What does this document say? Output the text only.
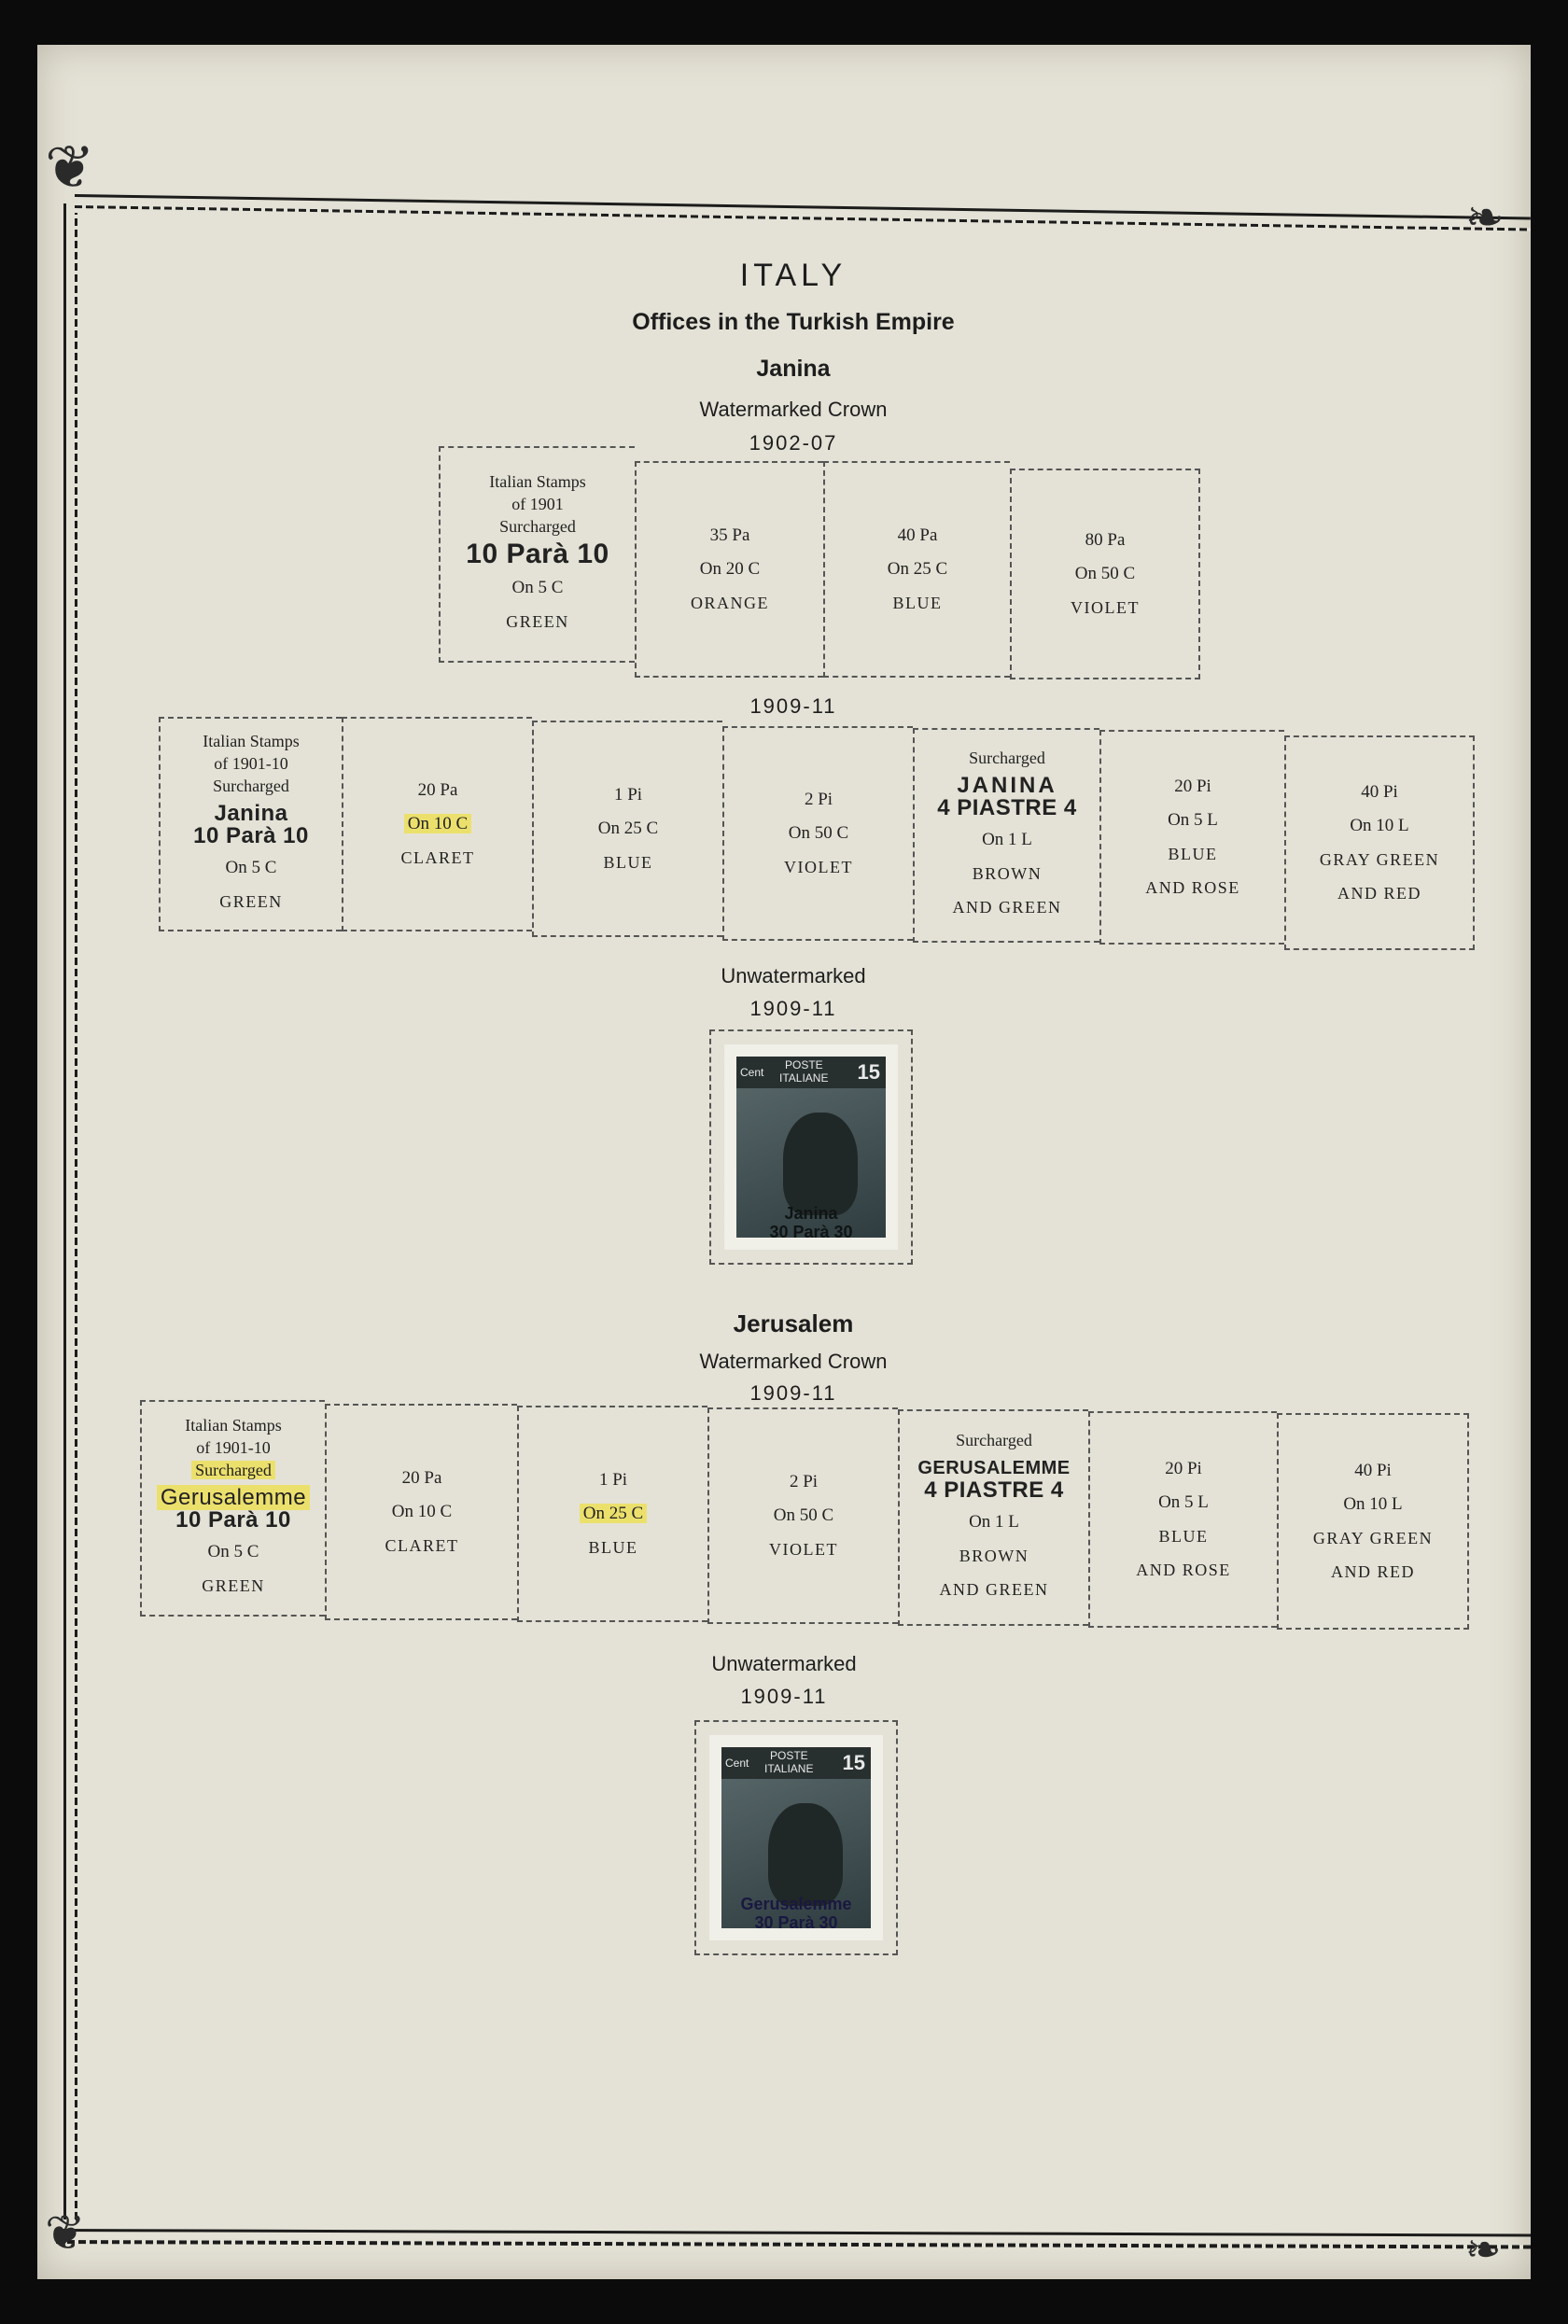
❦
❧
❦	❧
ITALY
Offices in the Turkish Empire
Janina
Watermarked Crown
1902-07
Italian Stamps
of 1901
Surcharged
10 Parà 10
On 5 C
GREEN
35 Pa
On 20 C
ORANGE
40 Pa
On 25 C
BLUE
80 Pa
On 50 C
VIOLET
1909-11
Italian Stamps
of 1901-10
Surcharged
Janina
10 Parà 10
On 5 C
GREEN
20 Pa
On 10 C
CLARET
1 Pi
On 25 C
BLUE
2 Pi
On 50 C
VIOLET
Surcharged
JANINA
4 PIASTRE 4
On 1 L
BROWN
AND GREEN
20 Pi
On 5 L
BLUE
AND ROSE
40 Pi
On 10 L
GRAY GREEN
AND RED
Unwatermarked
1909-11
Cent
POSTE
ITALIANE 15
Janina
30 Parà 30
Jerusalem
Watermarked Crown
1909-11
Italian Stamps
of 1901-10
Surcharged
Gerusalemme
10 Parà 10
On 5 C
GREEN
20 Pa
On 10 C
CLARET
1 Pi
On 25 C
BLUE
2 Pi
On 50 C
VIOLET
Surcharged
GERUSALEMME
4 PIASTRE 4
On 1 L
BROWN
AND GREEN
20 Pi
On 5 L
BLUE
AND ROSE
40 Pi
On 10 L
GRAY GREEN
AND RED
Unwatermarked
1909-11
Cent
POSTE
ITALIANE 15
Gerusalemme
30 Parà 30
